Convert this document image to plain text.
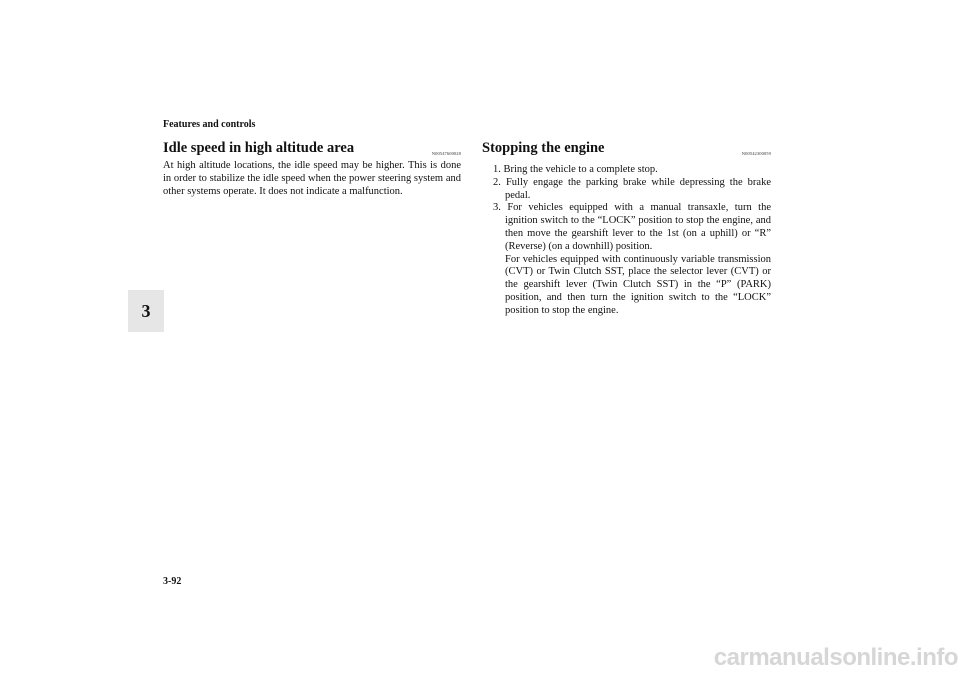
Features and controls
3
Idle speed in high altitude area	N00547600028

At high altitude locations, the idle speed may be higher. This is done in order to stabilize the idle speed when the power steering system and other systems operate. It does not indicate a malfunction.

Stopping the engine	N00542300059
1. Bring the vehicle to a complete stop.
2. Fully engage the parking brake while depressing the brake pedal.
3. For vehicles equipped with a manual transaxle, turn the ignition switch to the “LOCK” position to stop the engine, and then move the gearshift lever to the 1st (on a uphill) or “R” (Reverse) (on a downhill) position.
For vehicles equipped with continuously variable transmission (CVT) or Twin Clutch SST, place the selector lever (CVT) or the gearshift lever (Twin Clutch SST) in the “P” (PARK) position, and then turn the ignition switch to the “LOCK” position to stop the engine.
3-92
carmanualsonline.info
